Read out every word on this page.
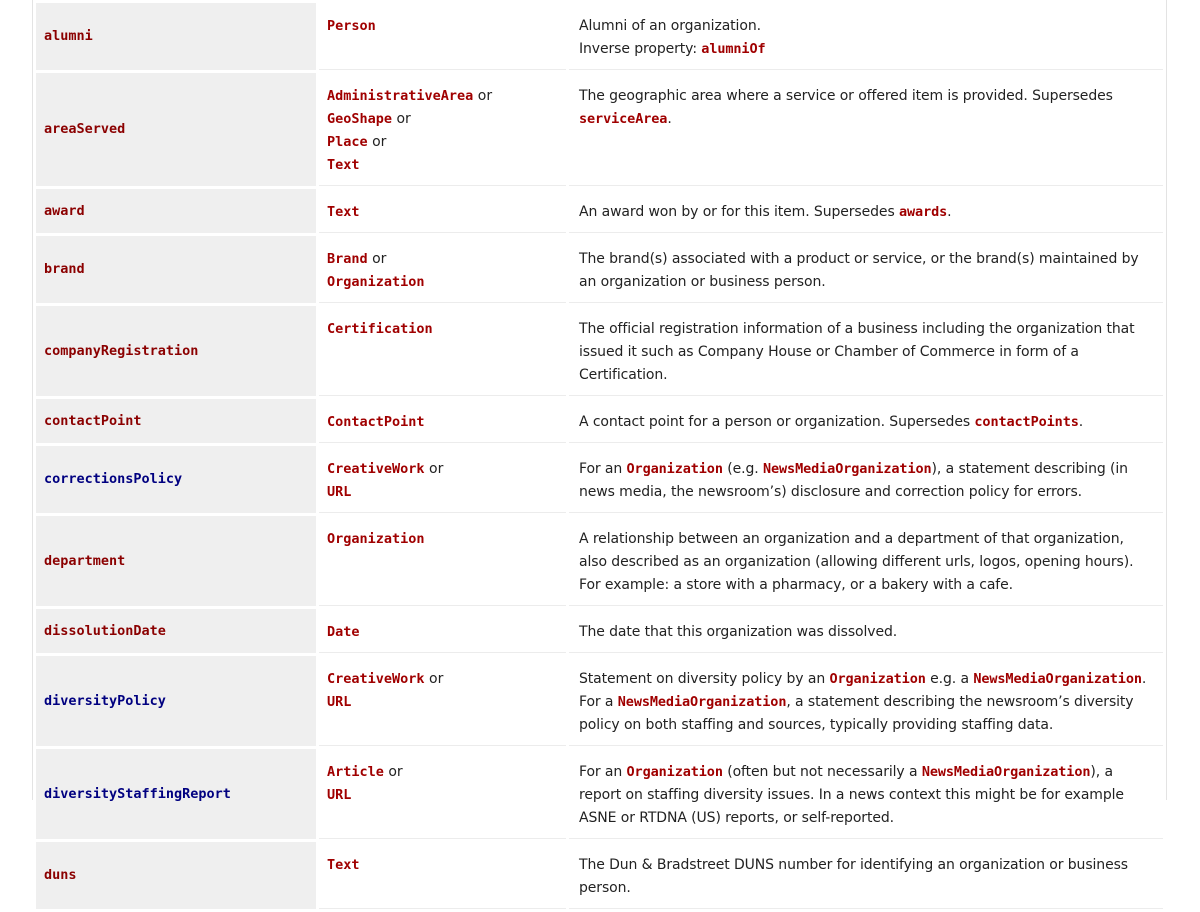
alumni	Person	Alumni of an organization.
Inverse property: alumniOf
areaServed	AdministrativeArea or
GeoShape or
Place or
Text	The geographic area where a service or offered item is provided. Supersedes serviceArea.
award	Text	An award won by or for this item. Supersedes awards.
brand	Brand or
Organization	The brand(s) associated with a product or service, or the brand(s) maintained by an organization or business person.
companyRegistration	Certification	The official registration information of a business including the organization that issued it such as Company House or Chamber of Commerce in form of a Certification.
contactPoint	ContactPoint	A contact point for a person or organization. Supersedes contactPoints.
correctionsPolicy	CreativeWork or
URL	For an Organization (e.g. NewsMediaOrganization), a statement describing (in news media, the newsroom’s) disclosure and correction policy for errors.
department	Organization	A relationship between an organization and a department of that organization, also described as an organization (allowing different urls, logos, opening hours). For example: a store with a pharmacy, or a bakery with a cafe.
dissolutionDate	Date	The date that this organization was dissolved.
diversityPolicy	CreativeWork or
URL	Statement on diversity policy by an Organization e.g. a NewsMediaOrganization. For a NewsMediaOrganization, a statement describing the newsroom’s diversity policy on both staffing and sources, typically providing staffing data.
diversityStaffingReport	Article or
URL	For an Organization (often but not necessarily a NewsMediaOrganization), a report on staffing diversity issues. In a news context this might be for example ASNE or RTDNA (US) reports, or self-reported.
duns	Text	The Dun & Bradstreet DUNS number for identifying an organization or business person.
